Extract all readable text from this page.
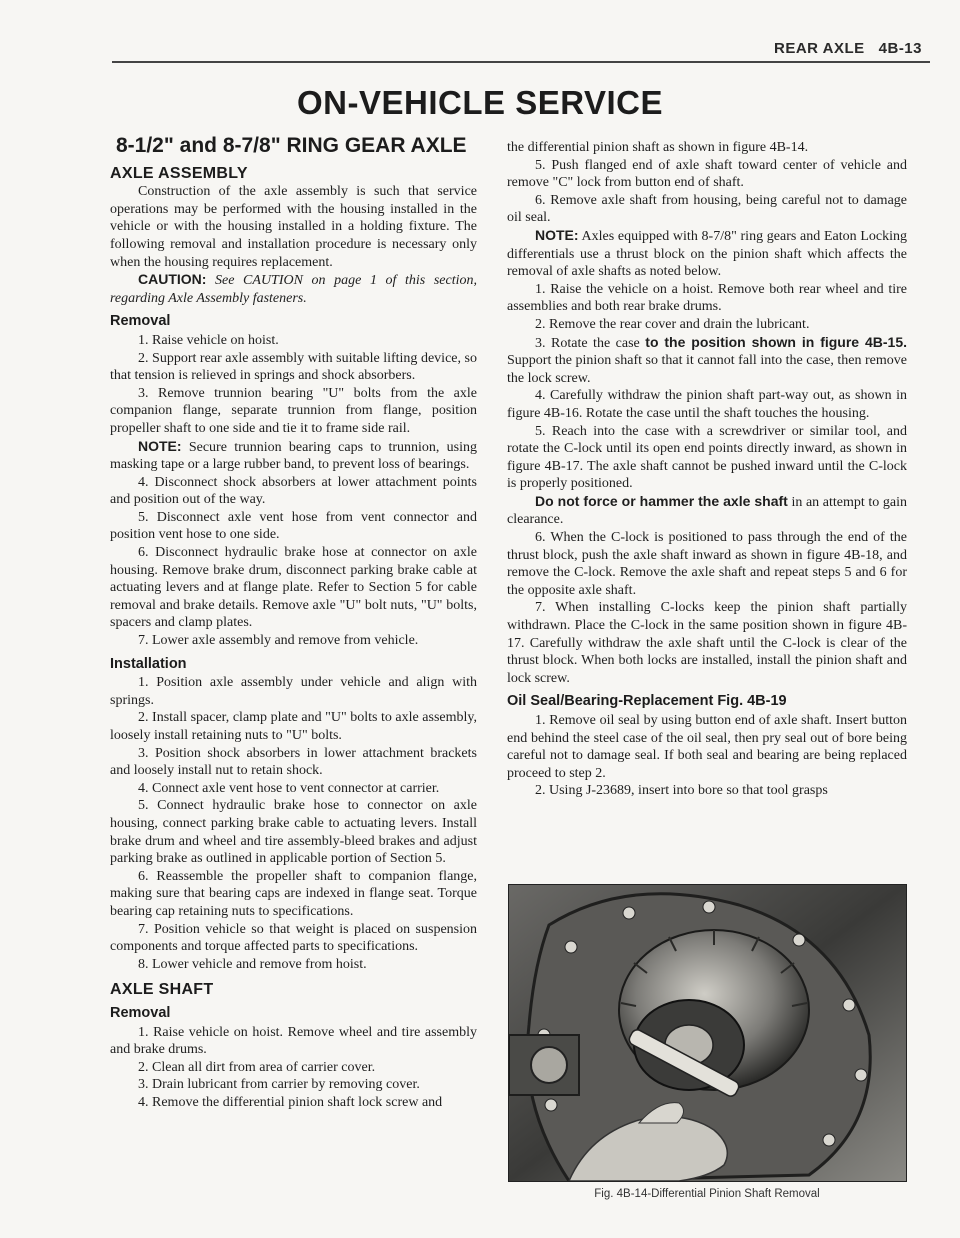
REAR AXLE 4B-13
ON-VEHICLE SERVICE
8-1/2" and 8-7/8" RING GEAR AXLE
AXLE ASSEMBLY

Construction of the axle assembly is such that service operations may be performed with the housing installed in the vehicle or with the housing installed in a holding fixture. The following removal and installation procedure is necessary only when the housing requires replacement.

CAUTION: See CAUTION on page 1 of this section, regarding Axle Assembly fasteners.

Removal

1. Raise vehicle on hoist.

2. Support rear axle assembly with suitable lifting device, so that tension is relieved in springs and shock absorbers.

3. Remove trunnion bearing "U" bolts from the axle companion flange, separate trunnion from flange, position propeller shaft to one side and tie it to frame side rail.

NOTE: Secure trunnion bearing caps to trunnion, using masking tape or a large rubber band, to prevent loss of bearings.

4. Disconnect shock absorbers at lower attachment points and position out of the way.

5. Disconnect axle vent hose from vent connector and position vent hose to one side.

6. Disconnect hydraulic brake hose at connector on axle housing. Remove brake drum, disconnect parking brake cable at actuating levers and at flange plate. Refer to Section 5 for cable removal and brake details. Remove axle "U" bolt nuts, "U" bolts, spacers and clamp plates.

7. Lower axle assembly and remove from vehicle.

Installation

1. Position axle assembly under vehicle and align with springs.

2. Install spacer, clamp plate and "U" bolts to axle assembly, loosely install retaining nuts to "U" bolts.

3. Position shock absorbers in lower attachment brackets and loosely install nut to retain shock.

4. Connect axle vent hose to vent connector at carrier.

5. Connect hydraulic brake hose to connector on axle housing, connect parking brake cable to actuating levers. Install brake drum and wheel and tire assembly-bleed brakes and adjust parking brake as outlined in applicable portion of Section 5.

6. Reassemble the propeller shaft to companion flange, making sure that bearing caps are indexed in flange seat. Torque bearing cap retaining nuts to specifications.

7. Position vehicle so that weight is placed on suspension components and torque affected parts to specifications.

8. Lower vehicle and remove from hoist.

AXLE SHAFT
Removal

1. Raise vehicle on hoist. Remove wheel and tire assembly and brake drums.

2. Clean all dirt from area of carrier cover.

3. Drain lubricant from carrier by removing cover.

4. Remove the differential pinion shaft lock screw and

the differential pinion shaft as shown in figure 4B-14.

5. Push flanged end of axle shaft toward center of vehicle and remove "C" lock from button end of shaft.

6. Remove axle shaft from housing, being careful not to damage oil seal.

NOTE: Axles equipped with 8-7/8" ring gears and Eaton Locking differentials use a thrust block on the pinion shaft which affects the removal of axle shafts as noted below.

1. Raise the vehicle on a hoist. Remove both rear wheel and tire assemblies and both rear brake drums.

2. Remove the rear cover and drain the lubricant.

3. Rotate the case to the position shown in figure 4B-15. Support the pinion shaft so that it cannot fall into the case, then remove the lock screw.

4. Carefully withdraw the pinion shaft part-way out, as shown in figure 4B-16. Rotate the case until the shaft touches the housing.

5. Reach into the case with a screwdriver or similar tool, and rotate the C-lock until its open end points directly inward, as shown in figure 4B-17. The axle shaft cannot be pushed inward until the C-lock is properly positioned.

Do not force or hammer the axle shaft in an attempt to gain clearance.

6. When the C-lock is positioned to pass through the end of the thrust block, push the axle shaft inward as shown in figure 4B-18, and remove the C-lock. Remove the axle shaft and repeat steps 5 and 6 for the opposite axle shaft.

7. When installing C-locks keep the pinion shaft partially withdrawn. Place the C-lock in the same position shown in figure 4B-17. Carefully withdraw the axle shaft until the C-lock is clear of the thrust block. When both locks are installed, install the pinion shaft and lock screw.

Oil Seal/Bearing-Replacement Fig. 4B-19

1. Remove oil seal by using button end of axle shaft. Insert button end behind the steel case of the oil seal, then pry seal out of bore being careful not to damage seal. If both seal and bearing are being replaced proceed to step 2.

2. Using J-23689, insert into bore so that tool grasps

Fig. 4B-14-Differential Pinion Shaft Removal
